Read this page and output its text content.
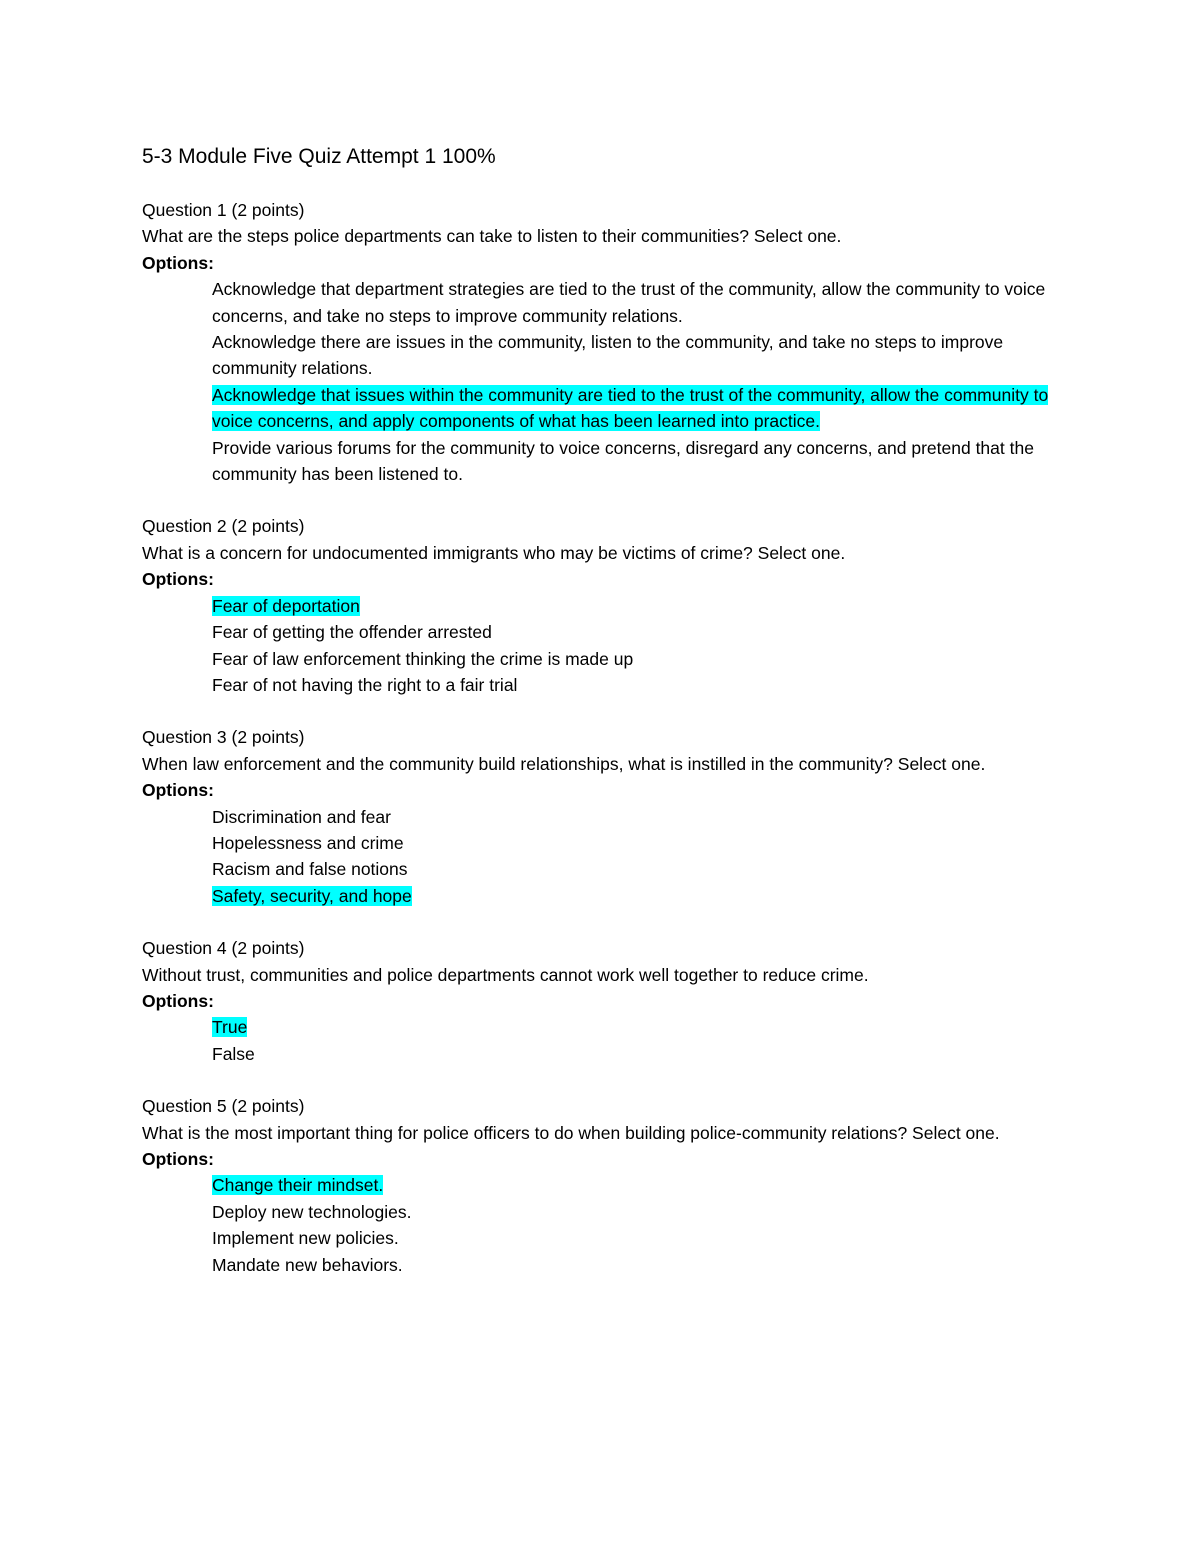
5-3 Module Five Quiz Attempt 1 100%
Question 1 (2 points)
What are the steps police departments can take to listen to their communities? Select one.
Options:
Acknowledge that department strategies are tied to the trust of the community, allow the community to voice concerns, and take no steps to improve community relations.
Acknowledge there are issues in the community, listen to the community, and take no steps to improve community relations.
Acknowledge that issues within the community are tied to the trust of the community, allow the community to voice concerns, and apply components of what has been learned into practice.
Provide various forums for the community to voice concerns, disregard any concerns, and pretend that the community has been listened to.
Question 2 (2 points)
What is a concern for undocumented immigrants who may be victims of crime? Select one.
Options:
Fear of deportation
Fear of getting the offender arrested
Fear of law enforcement thinking the crime is made up
Fear of not having the right to a fair trial
Question 3 (2 points)
When law enforcement and the community build relationships, what is instilled in the community? Select one.
Options:
Discrimination and fear
Hopelessness and crime
Racism and false notions
Safety, security, and hope
Question 4 (2 points)
Without trust, communities and police departments cannot work well together to reduce crime.
Options:
True
False
Question 5 (2 points)
What is the most important thing for police officers to do when building police-community relations? Select one.
Options:
Change their mindset.
Deploy new technologies.
Implement new policies.
Mandate new behaviors.
